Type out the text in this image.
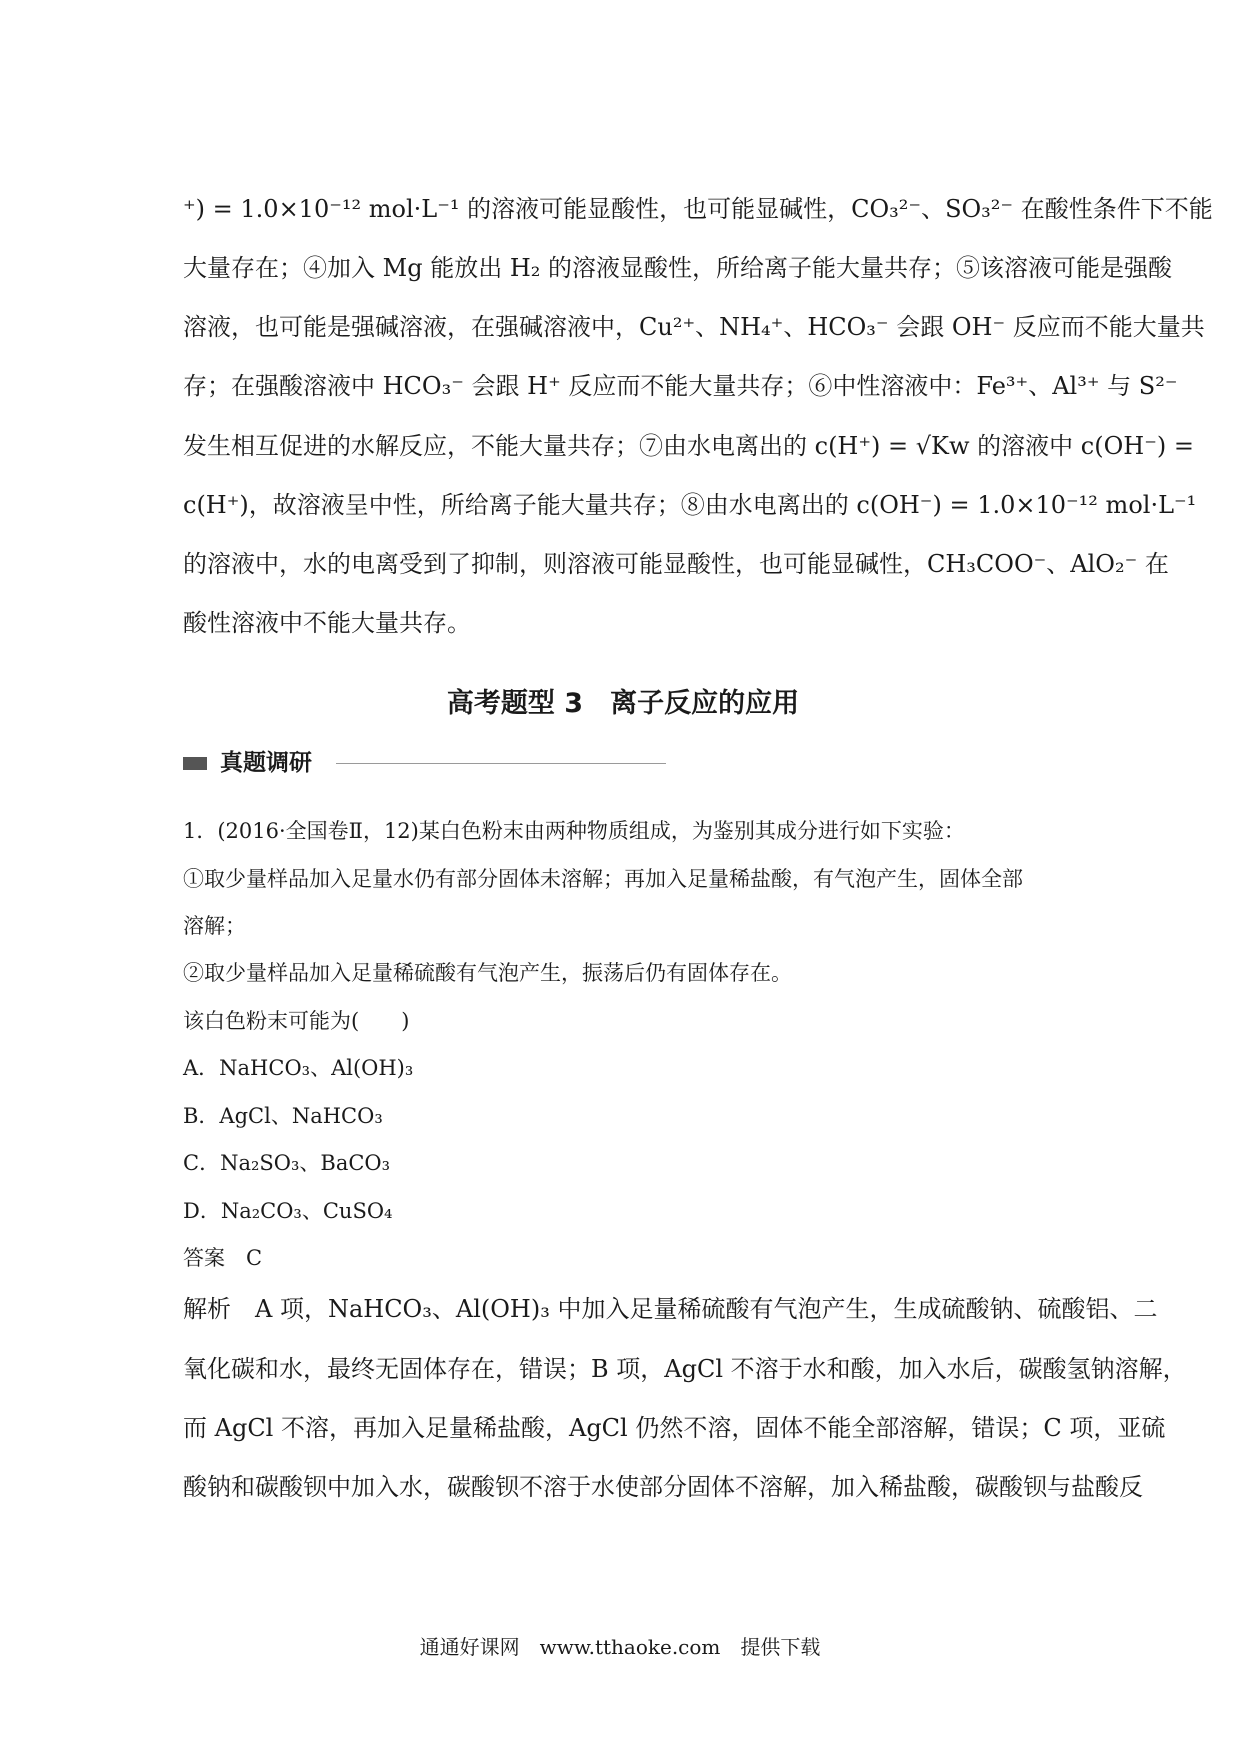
⁺) = 1.0×10⁻¹² mol·L⁻¹ 的溶液可能显酸性，也可能显碱性，CO₃²⁻、SO₃²⁻ 在酸性条件下不能
大量存在；④加入 Mg 能放出 H₂ 的溶液显酸性，所给离子能大量共存；⑤该溶液可能是强酸
溶液，也可能是强碱溶液，在强碱溶液中，Cu²⁺、NH₄⁺、HCO₃⁻ 会跟 OH⁻ 反应而不能大量共
存；在强酸溶液中 HCO₃⁻ 会跟 H⁺ 反应而不能大量共存；⑥中性溶液中：Fe³⁺、Al³⁺ 与 S²⁻
发生相互促进的水解反应，不能大量共存；⑦由水电离出的 c(H⁺) = √Kw 的溶液中 c(OH⁻) =
c(H⁺)，故溶液呈中性，所给离子能大量共存；⑧由水电离出的 c(OH⁻) = 1.0×10⁻¹² mol·L⁻¹
的溶液中，水的电离受到了抑制，则溶液可能显酸性，也可能显碱性，CH₃COO⁻、AlO₂⁻ 在
酸性溶液中不能大量共存。
高考题型 3　离子反应的应用
真题调研
1．(2016·全国卷Ⅱ，12)某白色粉末由两种物质组成，为鉴别其成分进行如下实验：
①取少量样品加入足量水仍有部分固体未溶解；再加入足量稀盐酸，有气泡产生，固体全部
溶解；
②取少量样品加入足量稀硫酸有气泡产生，振荡后仍有固体存在。
该白色粉末可能为(　　)
A．NaHCO₃、Al(OH)₃
B．AgCl、NaHCO₃
C．Na₂SO₃、BaCO₃
D．Na₂CO₃、CuSO₄
答案　C
解析　A 项，NaHCO₃、Al(OH)₃ 中加入足量稀硫酸有气泡产生，生成硫酸钠、硫酸铝、二
氧化碳和水，最终无固体存在，错误；B 项，AgCl 不溶于水和酸，加入水后，碳酸氢钠溶解，
而 AgCl 不溶，再加入足量稀盐酸，AgCl 仍然不溶，固体不能全部溶解，错误；C 项，亚硫
酸钠和碳酸钡中加入水，碳酸钡不溶于水使部分固体不溶解，加入稀盐酸，碳酸钡与盐酸反
通通好课网　www.tthaoke.com　提供下载
